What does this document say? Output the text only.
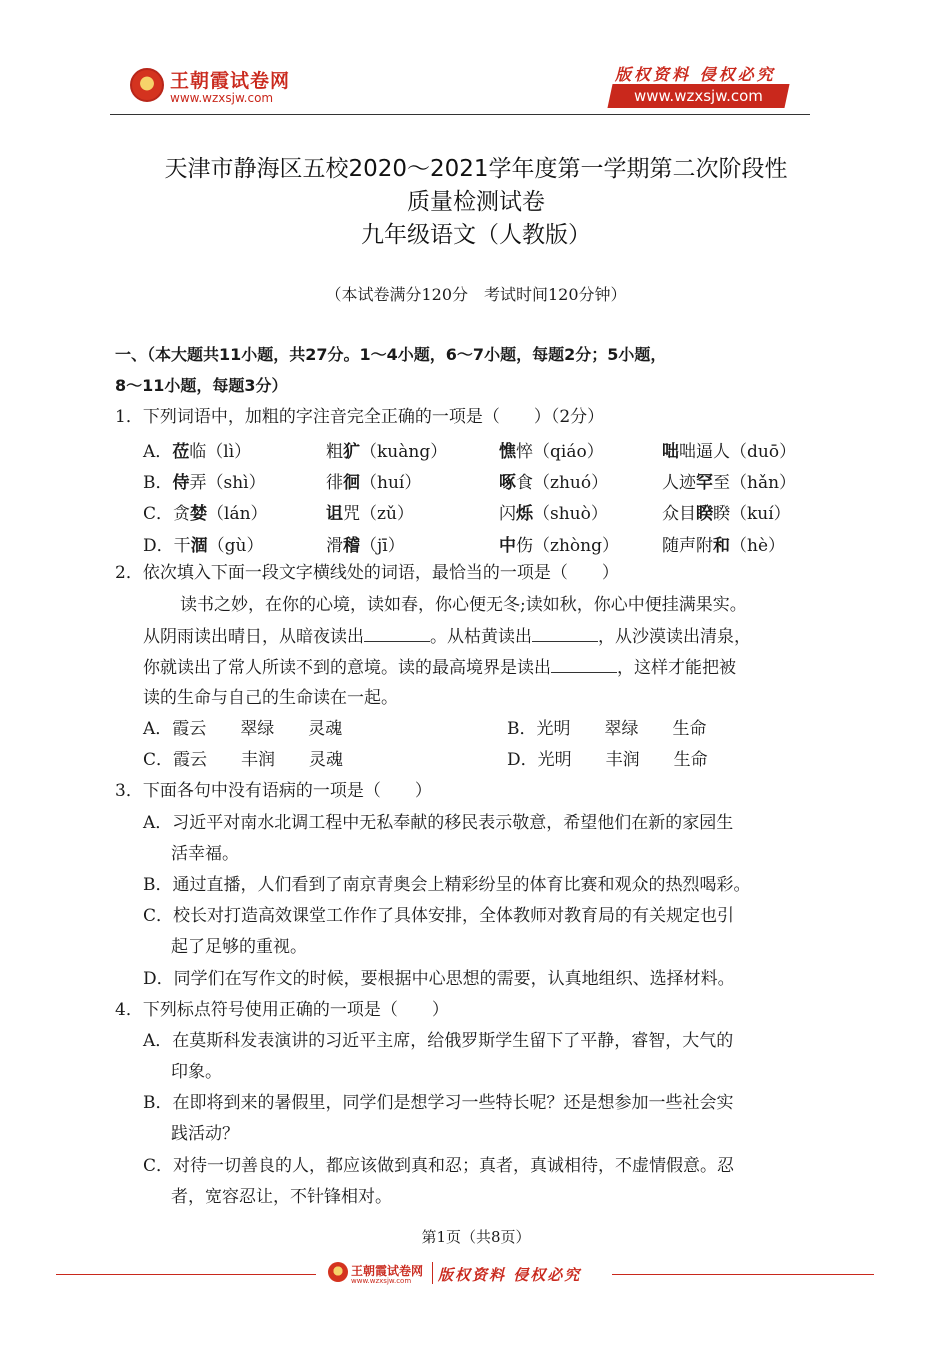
王朝霞试卷网
www.wzxsjw.com
版权资料 侵权必究
www.wzxsjw.com
天津市静海区五校2020～2021学年度第一学期第二次阶段性
质量检测试卷
九年级语文（人教版）
（本试卷满分120分　考试时间120分钟）
一、（本大题共11小题，共27分。1～4小题，6～7小题，每题2分；5小题，
8～11小题，每题3分）
1．下列词语中，加粗的字注音完全正确的一项是（　　）（2分）
A．莅临（lì）	粗犷（kuàng）	憔悴（qiáo）	咄咄逼人（duō）
B．侍弄（shì）	徘徊（huí）	啄食（zhuó）	人迹罕至（hǎn）
C．贪婪（lán）	诅咒（zǔ）	闪烁（shuò）	众目睽睽（kuí）
D．干涸（gù）	滑稽（jī）	中伤（zhòng）	随声附和（hè）
2．依次填入下面一段文字横线处的词语，最恰当的一项是（　　）
读书之妙，在你的心境，读如春，你心便无冬;读如秋，你心中便挂满果实。
从阴雨读出晴日，从暗夜读出	。从枯黄读出	，从沙漠读出清泉，
你就读出了常人所读不到的意境。读的最高境界是读出	，这样才能把被
读的生命与自己的生命读在一起。
A．霞云　　翠绿　　灵魂	B．光明　　翠绿　　生命
C．霞云　　丰润　　灵魂	D．光明　　丰润　　生命
3．下面各句中没有语病的一项是（　　）
A．习近平对南水北调工程中无私奉献的移民表示敬意，希望他们在新的家园生
活幸福。
B．通过直播，人们看到了南京青奥会上精彩纷呈的体育比赛和观众的热烈喝彩。
C．校长对打造高效课堂工作作了具体安排，全体教师对教育局的有关规定也引
起了足够的重视。
D．同学们在写作文的时候，要根据中心思想的需要，认真地组织、选择材料。
4．下列标点符号使用正确的一项是（　　）
A．在莫斯科发表演讲的习近平主席，给俄罗斯学生留下了平静，睿智，大气的
印象。
B．在即将到来的暑假里，同学们是想学习一些特长呢？还是想参加一些社会实
践活动？
C．对待一切善良的人，都应该做到真和忍；真者，真诚相待，不虚情假意。忍
者，宽容忍让，不针锋相对。
第1页（共8页）
王朝霞试卷网
www.wzxsjw.com 版权资料 侵权必究
